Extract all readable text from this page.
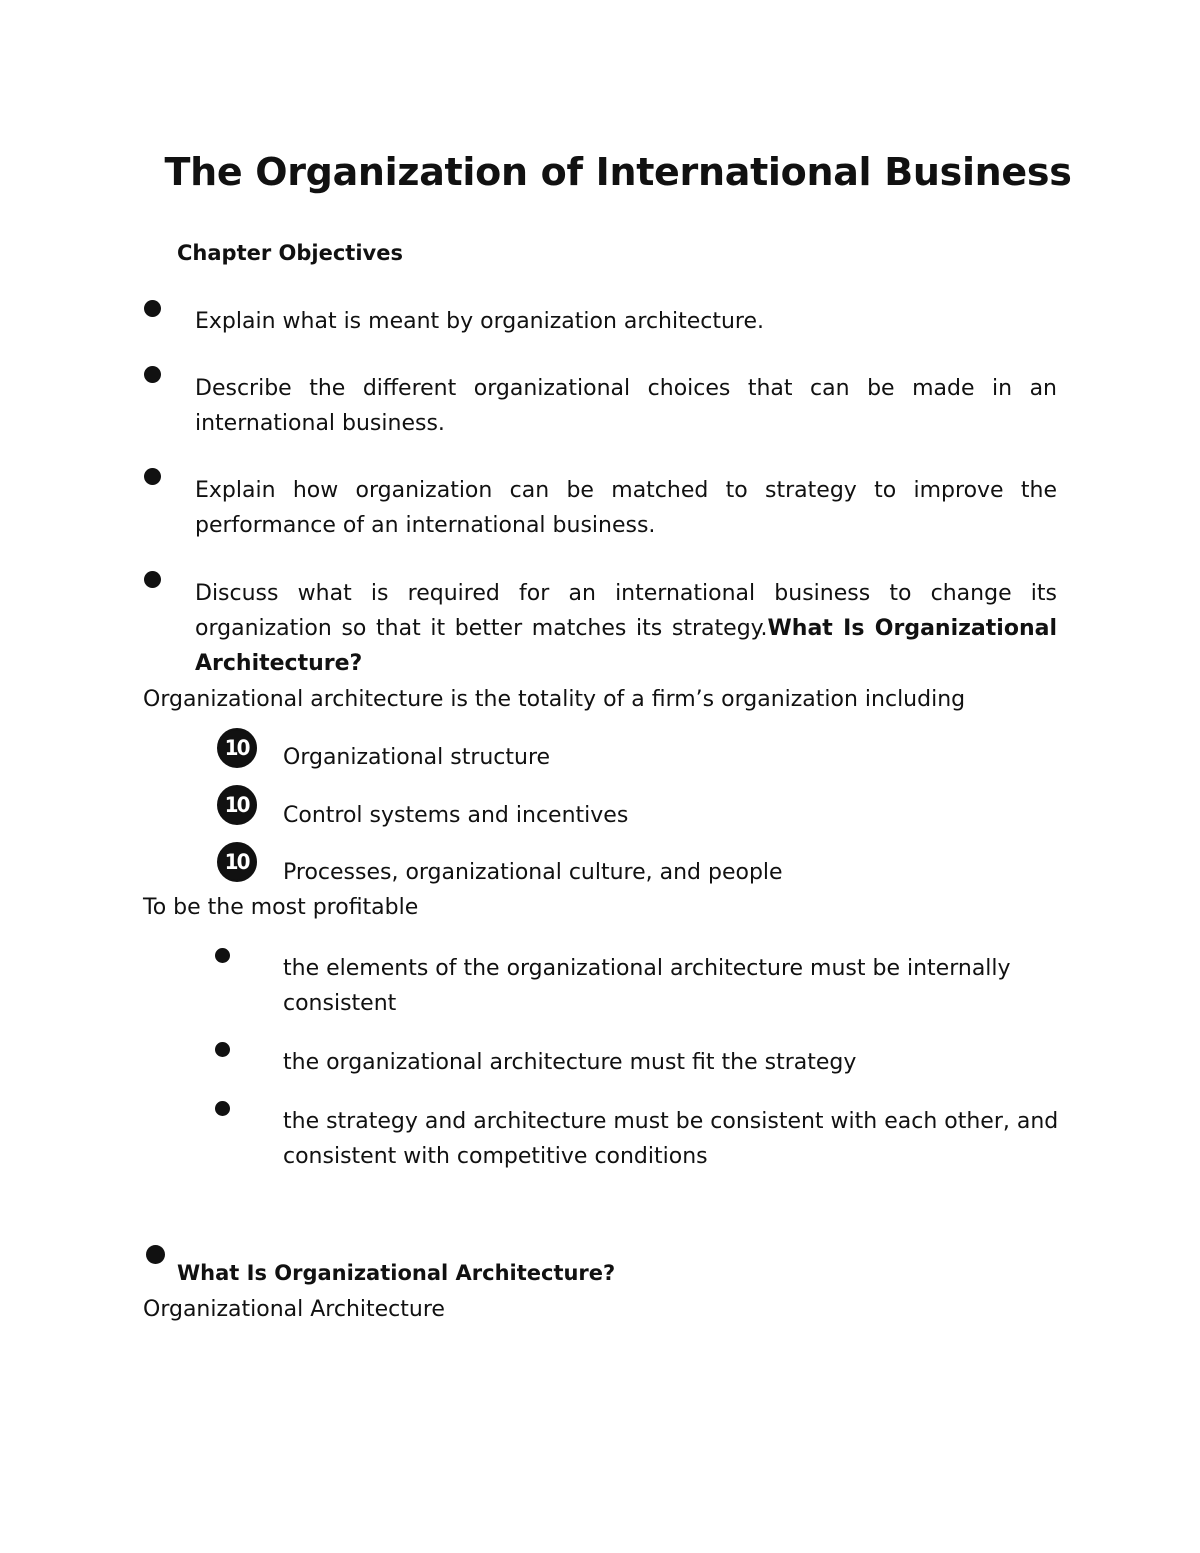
The Organization of International Business
Chapter Objectives
Explain what is meant by organization architecture.
Describe the different organizational choices that can be made in an international business.
Explain how organization can be matched to strategy to improve the performance of an international business.
Discuss what is required for an international business to change its organization so that it better matches its strategy.What Is Organizational Architecture?
Organizational architecture is the totality of a firm’s organization including
10 Organizational structure
10 Control systems and incentives
10 Processes, organizational culture, and people
To be the most profitable
the elements of the organizational architecture must be internally consistent
the organizational architecture must fit the strategy
the strategy and architecture must be consistent with each other, and consistent with competitive conditions
What Is Organizational Architecture?
Organizational Architecture
